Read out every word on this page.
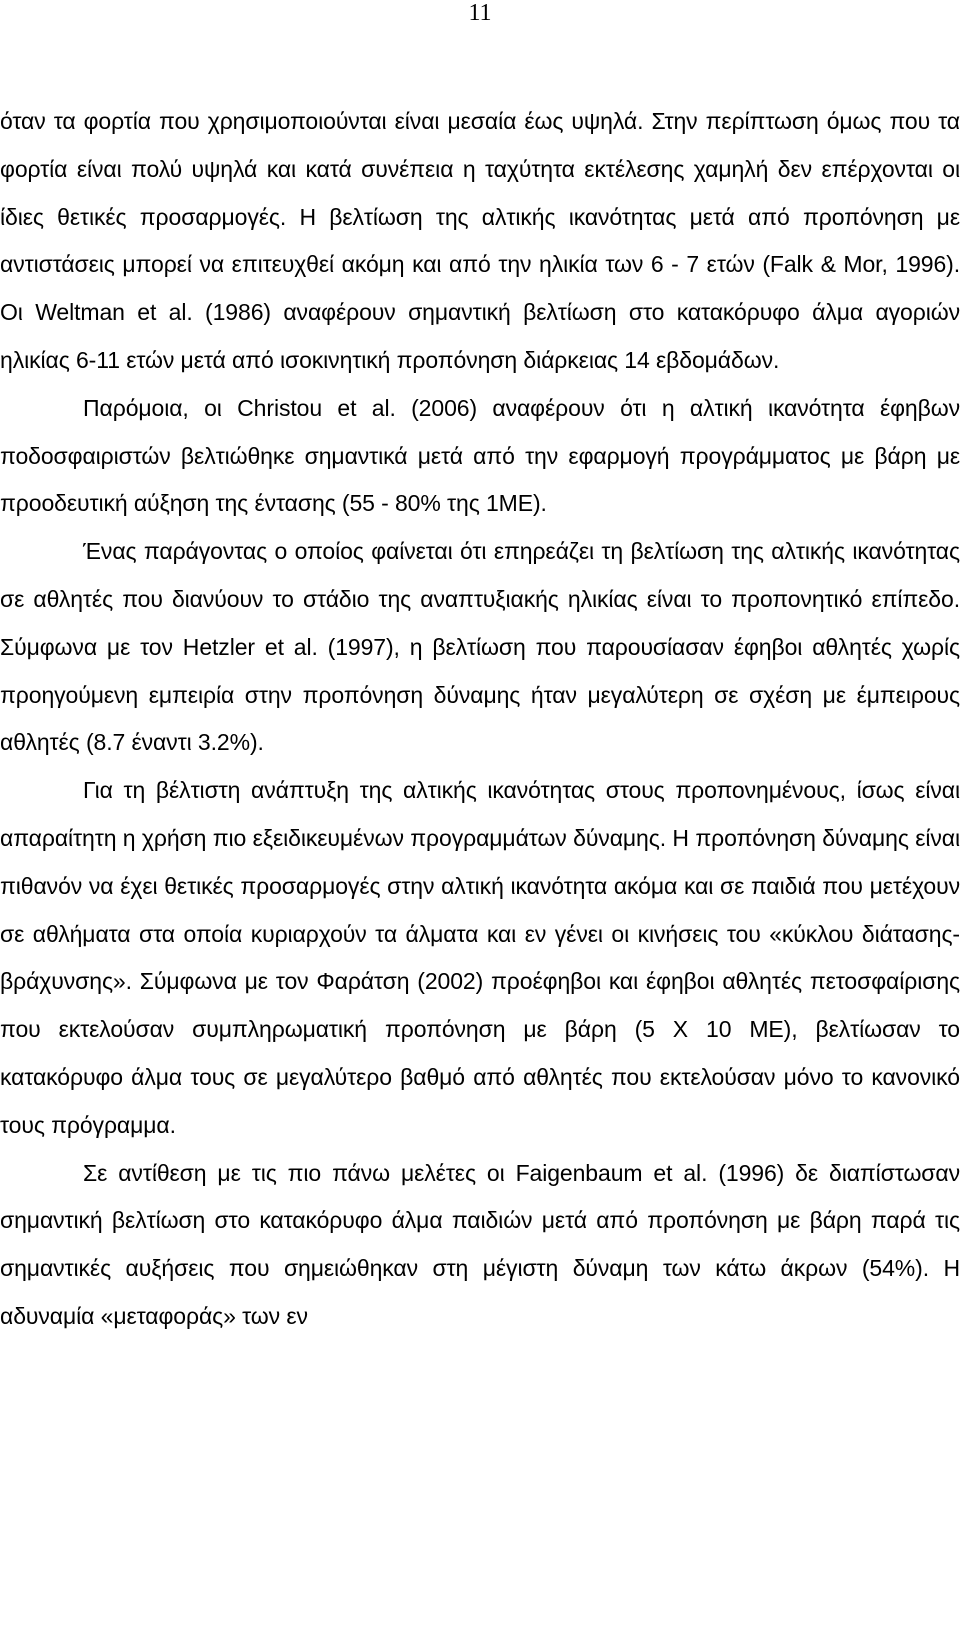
11

όταν τα φορτία που χρησιμοποιούνται είναι μεσαία έως υψηλά. Στην περίπτωση όμως που τα φορτία είναι πολύ υψηλά και κατά συνέπεια η ταχύτητα εκτέλεσης χαμηλή δεν επέρχονται οι ίδιες θετικές προσαρμογές. Η βελτίωση της αλτικής ικανότητας μετά από προπόνηση με αντιστάσεις μπορεί να επιτευχθεί ακόμη και από την ηλικία των 6 - 7 ετών (Falk & Mor, 1996). Οι Weltman et al. (1986) αναφέρουν σημαντική βελτίωση στο κατακόρυφο άλμα αγοριών ηλικίας 6-11 ετών μετά από ισοκινητική προπόνηση διάρκειας 14 εβδομάδων.

Παρόμοια, οι Christou et al. (2006) αναφέρουν ότι η αλτική ικανότητα έφηβων ποδοσφαιριστών βελτιώθηκε σημαντικά μετά από την εφαρμογή προγράμματος με βάρη με προοδευτική αύξηση της έντασης (55 - 80% της 1ΜΕ).

Ένας παράγοντας ο οποίος φαίνεται ότι επηρεάζει τη βελτίωση της αλτικής ικανότητας σε αθλητές που διανύουν το στάδιο της αναπτυξιακής ηλικίας είναι το προπονητικό επίπεδο. Σύμφωνα με τον Hetzler et al. (1997), η βελτίωση που παρουσίασαν έφηβοι αθλητές χωρίς προηγούμενη εμπειρία στην προπόνηση δύναμης ήταν μεγαλύτερη σε σχέση με έμπειρους αθλητές (8.7 έναντι 3.2%).

Για τη βέλτιστη ανάπτυξη της αλτικής ικανότητας στους προπονημένους, ίσως είναι απαραίτητη η χρήση πιο εξειδικευμένων προγραμμάτων δύναμης. Η προπόνηση δύναμης είναι πιθανόν να έχει θετικές προσαρμογές στην αλτική ικανότητα ακόμα και σε παιδιά που μετέχουν σε αθλήματα στα οποία κυριαρχούν τα άλματα και εν γένει οι κινήσεις του «κύκλου διάτασης- βράχυνσης». Σύμφωνα με τον Φαράτση (2002) προέφηβοι και έφηβοι αθλητές πετοσφαίρισης που εκτελούσαν συμπληρωματική προπόνηση με βάρη (5 Χ 10 ΜΕ), βελτίωσαν το κατακόρυφο άλμα τους σε μεγαλύτερο βαθμό από αθλητές που εκτελούσαν μόνο το κανονικό τους πρόγραμμα.

Σε αντίθεση με τις πιο πάνω μελέτες οι Faigenbaum et al. (1996) δε διαπίστωσαν σημαντική βελτίωση στο κατακόρυφο άλμα παιδιών μετά από προπόνηση με βάρη παρά τις σημαντικές αυξήσεις που σημειώθηκαν στη μέγιστη δύναμη των κάτω άκρων (54%). Η αδυναμία «μεταφοράς» των εν
